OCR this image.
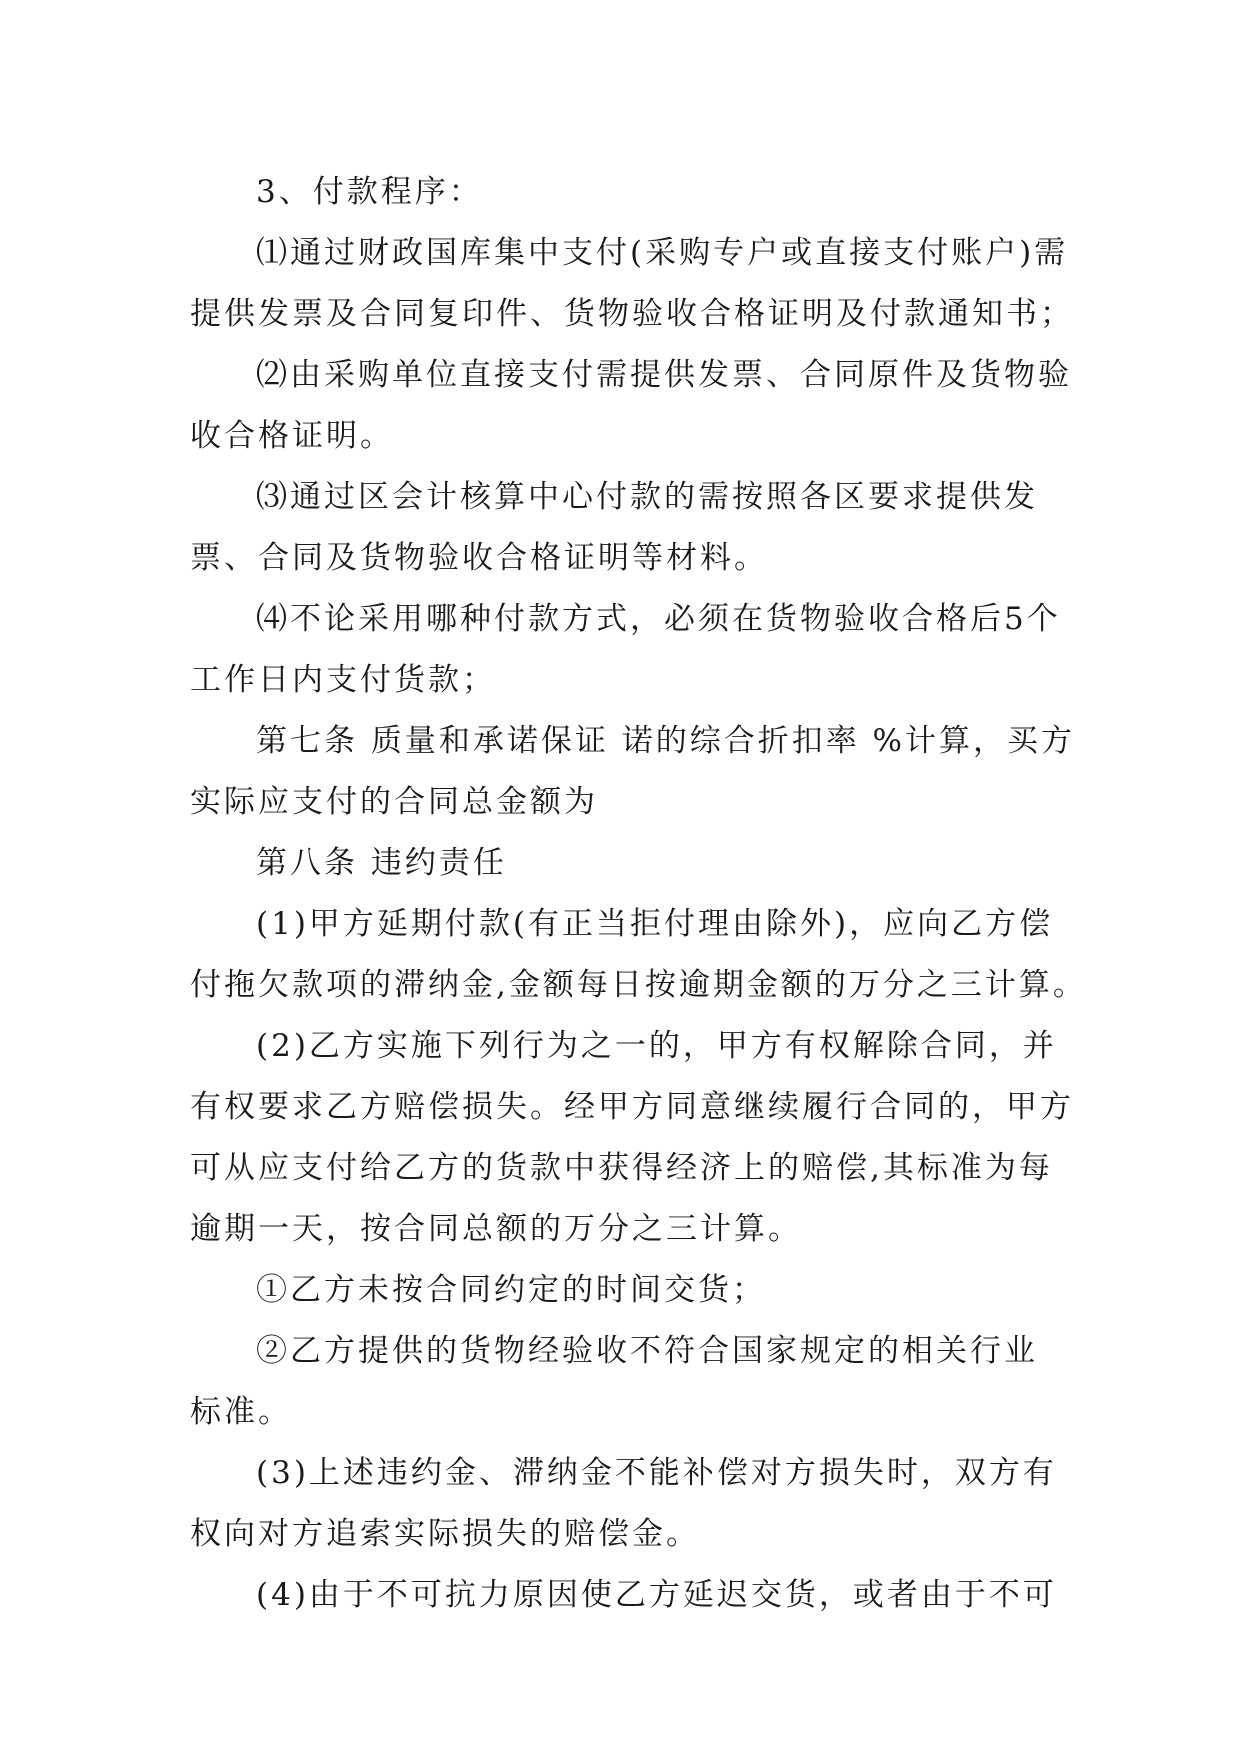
3、付款程序：

⑴通过财政国库集中支付(采购专户或直接支付账户)需
提供发票及合同复印件、货物验收合格证明及付款通知书；

⑵由采购单位直接支付需提供发票、合同原件及货物验
收合格证明。

⑶通过区会计核算中心付款的需按照各区要求提供发
票、合同及货物验收合格证明等材料。

⑷不论采用哪种付款方式，必须在货物验收合格后5个
工作日内支付货款；

第七条 质量和承诺保证 诺的综合折扣率 %计算，买方
实际应支付的合同总金额为

第八条 违约责任

(1)甲方延期付款(有正当拒付理由除外)，应向乙方偿
付拖欠款项的滞纳金,金额每日按逾期金额的万分之三计算。

(2)乙方实施下列行为之一的，甲方有权解除合同，并
有权要求乙方赔偿损失。经甲方同意继续履行合同的，甲方
可从应支付给乙方的货款中获得经济上的赔偿,其标准为每
逾期一天，按合同总额的万分之三计算。

①乙方未按合同约定的时间交货；

②乙方提供的货物经验收不符合国家规定的相关行业
标准。

(3)上述违约金、滞纳金不能补偿对方损失时，双方有
权向对方追索实际损失的赔偿金。

(4)由于不可抗力原因使乙方延迟交货，或者由于不可
